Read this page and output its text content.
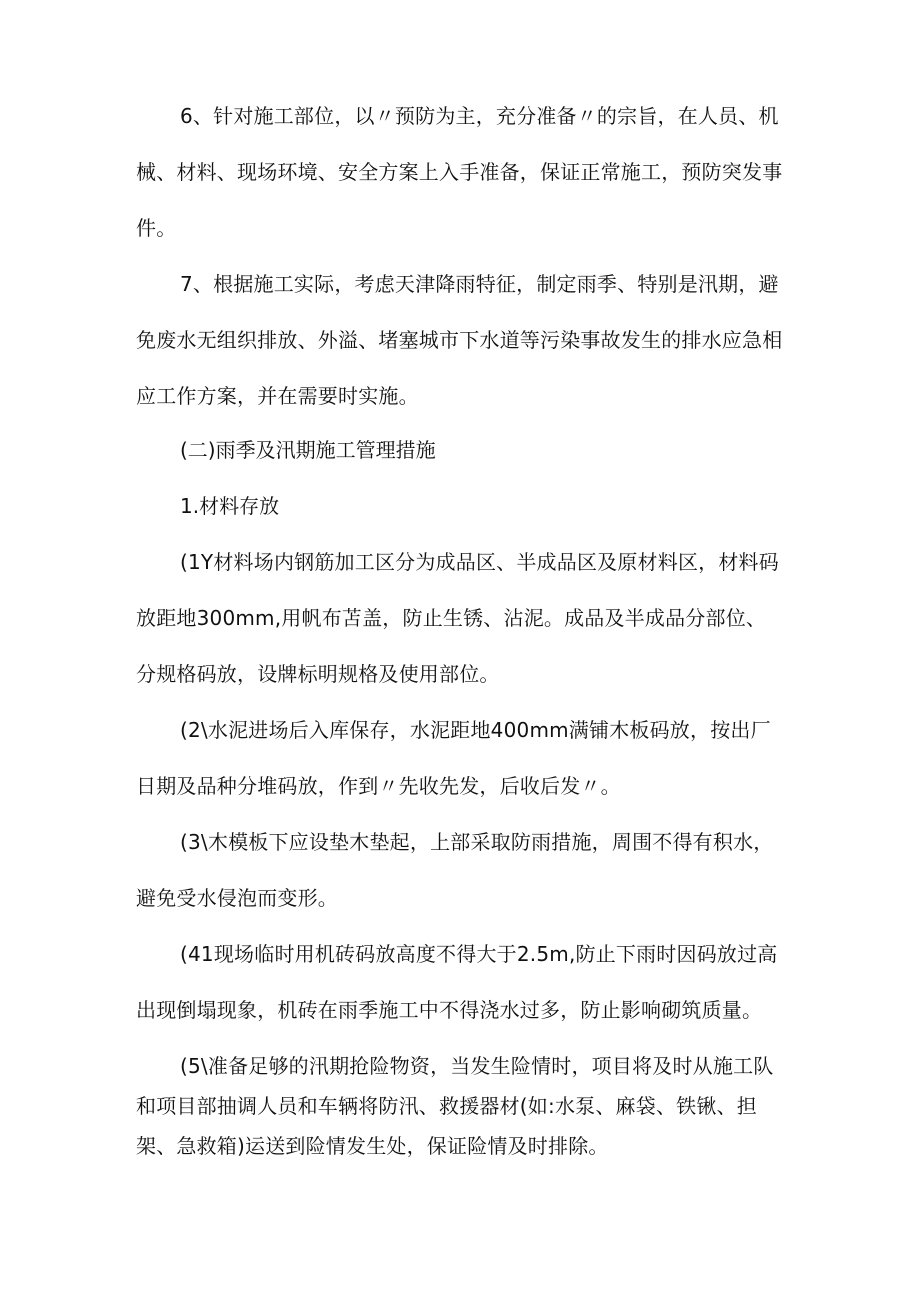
6、针对施工部位，以〃预防为主，充分准备〃的宗旨，在人员、机械、材料、现场环境、安全方案上入手准备，保证正常施工，预防突发事件。

7、根据施工实际，考虑天津降雨特征，制定雨季、特别是汛期，避免废水无组织排放、外溢、堵塞城市下水道等污染事故发生的排水应急相应工作方案，并在需要时实施。

(二)雨季及汛期施工管理措施

1.材料存放

(1Y材料场内钢筋加工区分为成品区、半成品区及原材料区，材料码放距地300mm,用帆布苫盖，防止生锈、沾泥。成品及半成品分部位、分规格码放，设牌标明规格及使用部位。

(2\水泥进场后入库保存，水泥距地400mm满铺木板码放，按出厂日期及品种分堆码放，作到〃先收先发，后收后发〃。

(3\木模板下应设垫木垫起，上部采取防雨措施，周围不得有积水，避免受水侵泡而变形。

(41现场临时用机砖码放高度不得大于2.5m,防止下雨时因码放过高出现倒塌现象，机砖在雨季施工中不得浇水过多，防止影响砌筑质量。

(5\准备足够的汛期抢险物资，当发生险情时，项目将及时从施工队和项目部抽调人员和车辆将防汛、救援器材(如:水泵、麻袋、铁锹、担架、急救箱)运送到险情发生处，保证险情及时排除。
